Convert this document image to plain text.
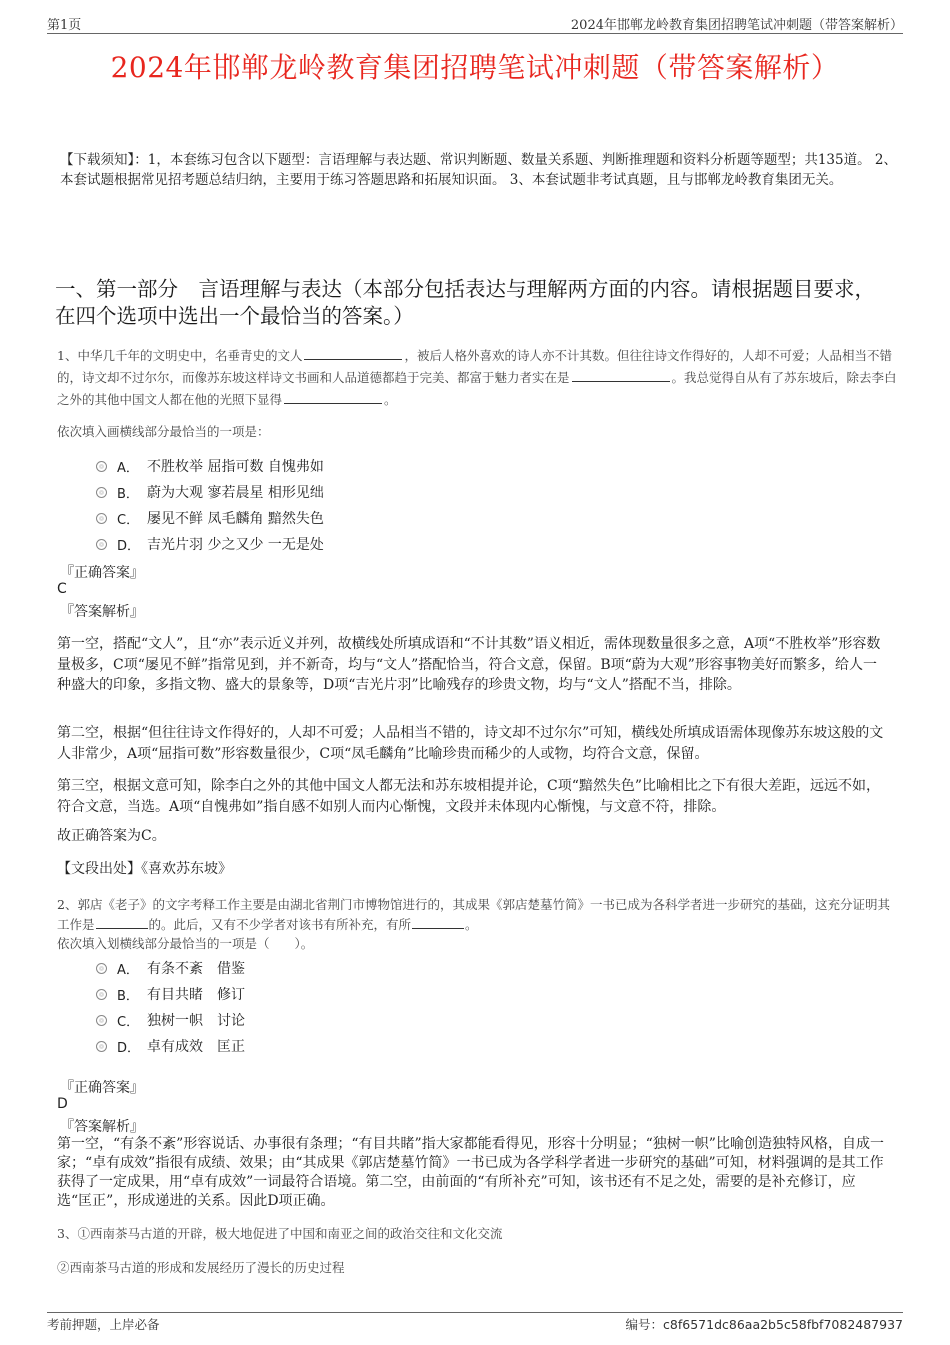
第1页	2024年邯郸龙岭教育集团招聘笔试冲刺题（带答案解析）
2024年邯郸龙岭教育集团招聘笔试冲刺题（带答案解析）
【下载须知】：1，本套练习包含以下题型：言语理解与表达题、常识判断题、数量关系题、判断推理题和资料分析题等题型；共135道。 2、本套试题根据常见招考题总结归纳，主要用于练习答题思路和拓展知识面。 3、本套试题非考试真题，且与邯郸龙岭教育集团无关。
一、第一部分　言语理解与表达（本部分包括表达与理解两方面的内容。请根据题目要求，在四个选项中选出一个最恰当的答案。）
1、中华几千年的文明史中，名垂青史的文人	，被后人格外喜欢的诗人亦不计其数。但往往诗文作得好的，人却不可爱；人品相当不错的，诗文却不过尔尔，而像苏东坡这样诗文书画和人品道德都趋于完美、都富于魅力者实在是	。我总觉得自从有了苏东坡后，除去李白之外的其他中国文人都在他的光照下显得	。
依次填入画横线部分最恰当的一项是：
A． 不胜枚举 屈指可数 自愧弗如
B． 蔚为大观 寥若晨星 相形见绌
C． 屡见不鲜 凤毛麟角 黯然失色
D． 吉光片羽 少之又少 一无是处
『正确答案』
C
『答案解析』
第一空，搭配“文人”，且“亦”表示近义并列，故横线处所填成语和“不计其数”语义相近，需体现数量很多之意，A项“不胜枚举”形容数量极多，C项“屡见不鲜”指常见到，并不新奇，均与“文人”搭配恰当，符合文意，保留。B项“蔚为大观”形容事物美好而繁多，给人一种盛大的印象，多指文物、盛大的景象等，D项“吉光片羽”比喻残存的珍贵文物，均与“文人”搭配不当，排除。
第二空，根据“但往往诗文作得好的，人却不可爱；人品相当不错的，诗文却不过尔尔”可知，横线处所填成语需体现像苏东坡这般的文人非常少，A项“屈指可数”形容数量很少，C项“凤毛麟角”比喻珍贵而稀少的人或物，均符合文意，保留。
第三空，根据文意可知，除李白之外的其他中国文人都无法和苏东坡相提并论，C项“黯然失色”比喻相比之下有很大差距，远远不如，符合文意，当选。A项“自愧弗如”指自感不如别人而内心惭愧，文段并未体现内心惭愧，与文意不符，排除。
故正确答案为C。
【文段出处】《喜欢苏东坡》
2、郭店《老子》的文字考释工作主要是由湖北省荆门市博物馆进行的，其成果《郭店楚墓竹简》一书已成为各科学者进一步研究的基础，这充分证明其工作是	的。此后，又有不少学者对该书有所补充，有所	。
依次填入划横线部分最恰当的一项是（　　）。
A． 有条不紊　借鉴
B． 有目共睹　修订
C． 独树一帜　讨论
D． 卓有成效　匡正
『正确答案』
D
『答案解析』
第一空，“有条不紊”形容说话、办事很有条理；“有目共睹”指大家都能看得见，形容十分明显；“独树一帜”比喻创造独特风格，自成一家；“卓有成效”指很有成绩、效果；由“其成果《郭店楚墓竹简》一书已成为各学科学者进一步研究的基础”可知，材料强调的是其工作获得了一定成果，用“卓有成效”一词最符合语境。第二空，由前面的“有所补充”可知，该书还有不足之处，需要的是补充修订，应选“匡正”，形成递进的关系。因此D项正确。
3、①西南茶马古道的开辟，极大地促进了中国和南亚之间的政治交往和文化交流
②西南茶马古道的形成和发展经历了漫长的历史过程
考前押题，上岸必备	编号：c8f6571dc86aa2b5c58fbf7082487937
